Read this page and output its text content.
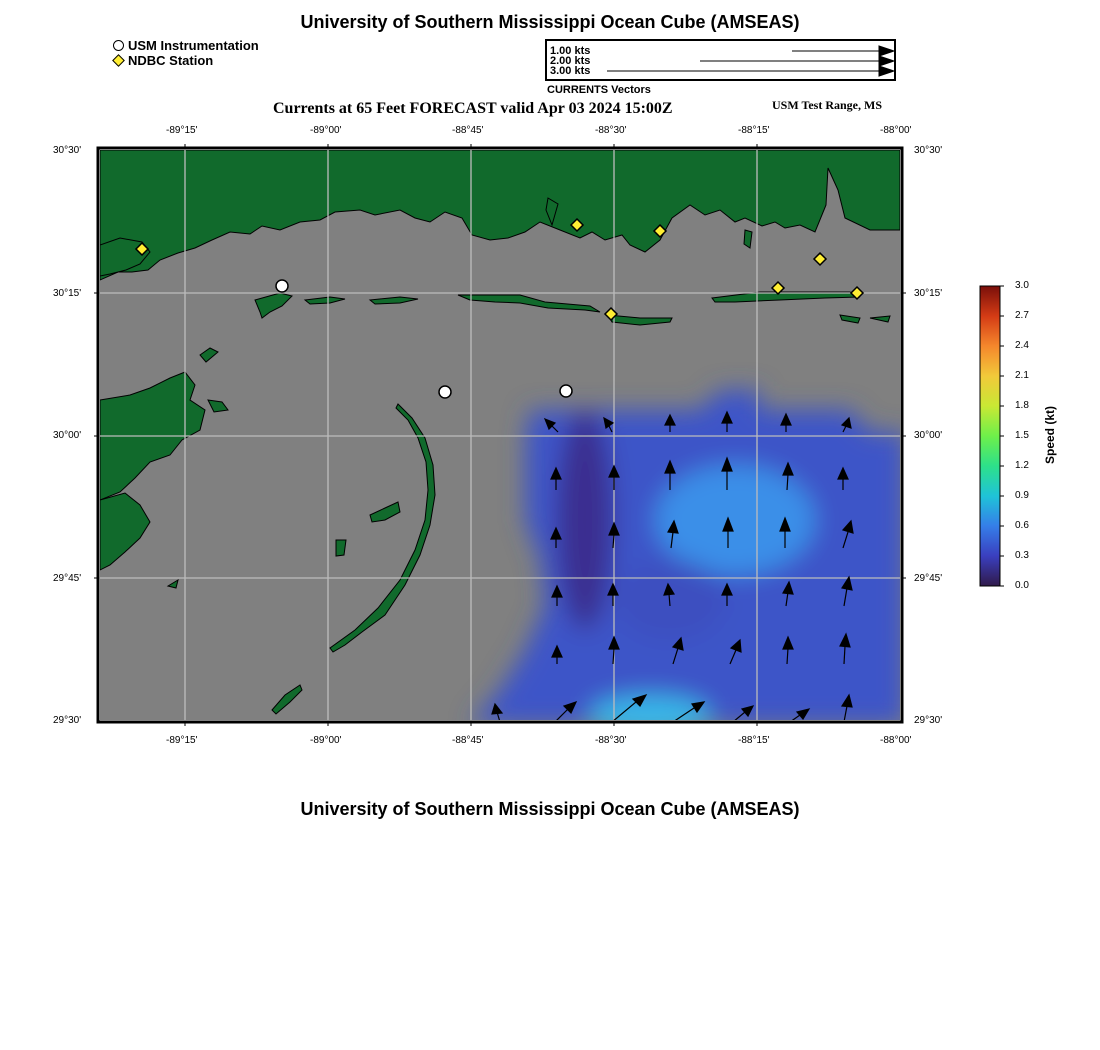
University of Southern Mississippi Ocean Cube (AMSEAS)
USM Instrumentation
NDBC Station
1.00 kts
2.00 kts
3.00 kts
CURRENTS Vectors
Currents at 65 Feet FORECAST valid Apr 03 2024 15:00Z	USM Test Range, MS
-89°15'	-89°00'	-88°45'	-88°30'	-88°15'	-88°00'
-89°15'	-89°00'	-88°45'	-88°30'	-88°15'	-88°00'
30°30'
30°15'
30°00'
29°45'
29°30'
30°30'
30°15'
30°00'
29°45'
29°30'
3.0
2.7
2.4
2.1
1.8
1.5
1.2
0.9
0.6
0.3
0.0
Speed (kt)
University of Southern Mississippi Ocean Cube (AMSEAS)
